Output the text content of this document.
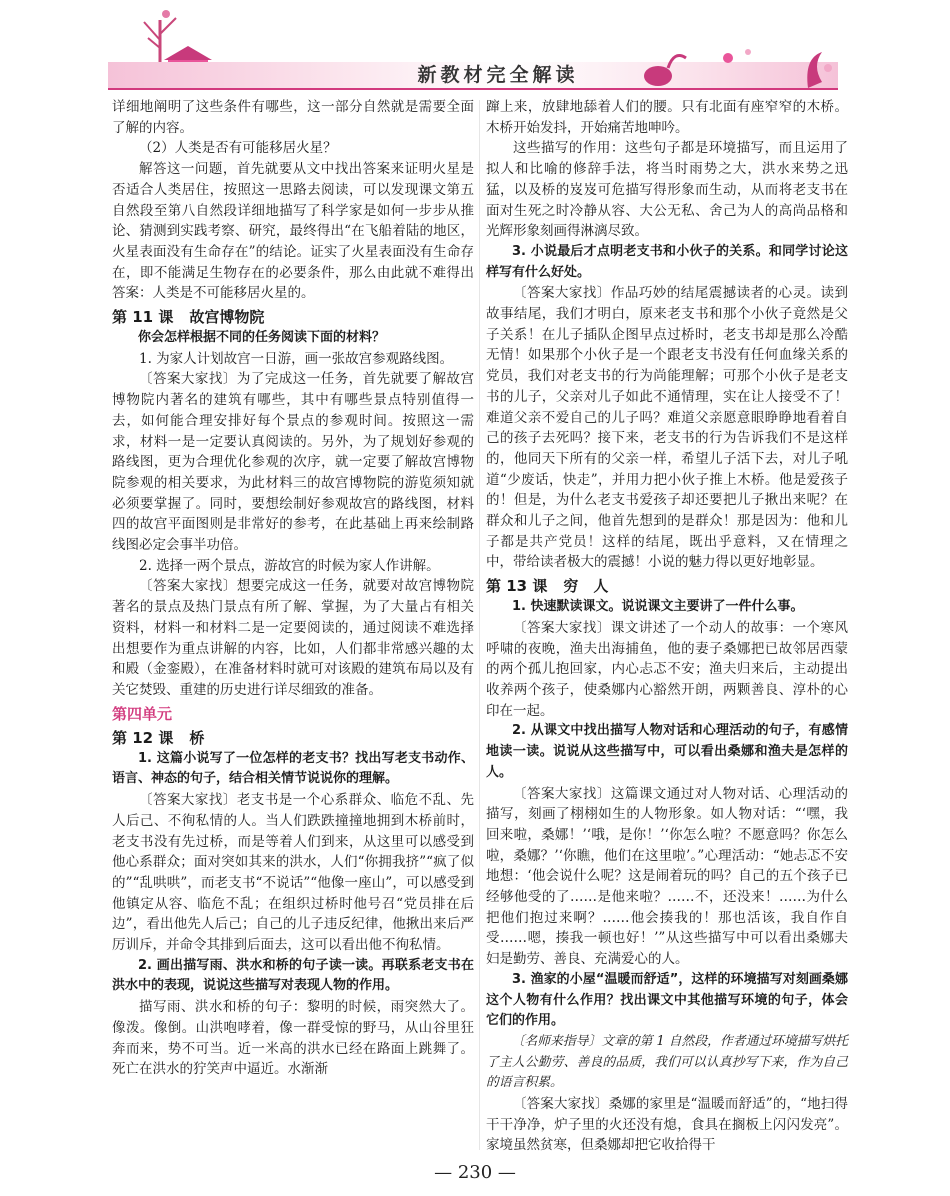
新教材完全解读

详细地阐明了这些条件有哪些，这一部分自然就是需要全面了解的内容。

（2）人类是否有可能移居火星？

解答这一问题，首先就要从文中找出答案来证明火星是否适合人类居住，按照这一思路去阅读，可以发现课文第五自然段至第八自然段详细地描写了科学家是如何一步步从推论、猜测到实践考察、研究，最终得出“在飞船着陆的地区，火星表面没有生命存在”的结论。证实了火星表面没有生命存在，即不能满足生物存在的必要条件，那么由此就不难得出答案：人类是不可能移居火星的。

第 11 课 故宫博物院

你会怎样根据不同的任务阅读下面的材料？

1. 为家人计划故宫一日游，画一张故宫参观路线图。

〔答案大家找〕为了完成这一任务，首先就要了解故宫博物院内著名的建筑有哪些，其中有哪些景点特别值得一去，如何能合理安排好每个景点的参观时间。按照这一需求，材料一是一定要认真阅读的。另外，为了规划好参观的路线图，更为合理优化参观的次序，就一定要了解故宫博物院参观的相关要求，为此材料三的故宫博物院的游览须知就必须要掌握了。同时，要想绘制好参观故宫的路线图，材料四的故宫平面图则是非常好的参考，在此基础上再来绘制路线图必定会事半功倍。

2. 选择一两个景点，游故宫的时候为家人作讲解。

〔答案大家找〕想要完成这一任务，就要对故宫博物院著名的景点及热门景点有所了解、掌握，为了大量占有相关资料，材料一和材料二是一定要阅读的，通过阅读不难选择出想要作为重点讲解的内容，比如，人们都非常感兴趣的太和殿（金銮殿），在准备材料时就可对该殿的建筑布局以及有关它焚毁、重建的历史进行详尽细致的准备。

第四单元
第 12 课 桥

1. 这篇小说写了一位怎样的老支书？找出写老支书动作、语言、神态的句子，结合相关情节说说你的理解。

〔答案大家找〕老支书是一个心系群众、临危不乱、先人后己、不徇私情的人。当人们跌跌撞撞地拥到木桥前时，老支书没有先过桥，而是等着人们到来，从这里可以感受到他心系群众；面对突如其来的洪水，人们“你拥我挤”“疯了似的”“乱哄哄”，而老支书“不说话”“他像一座山”，可以感受到他镇定从容、临危不乱；在组织过桥时他号召“党员排在后边”，看出他先人后己；自己的儿子违反纪律，他揪出来后严厉训斥，并命令其排到后面去，这可以看出他不徇私情。

2. 画出描写雨、洪水和桥的句子读一读。再联系老支书在洪水中的表现，说说这些描写对表现人物的作用。

描写雨、洪水和桥的句子：黎明的时候，雨突然大了。像泼。像倒。山洪咆哮着，像一群受惊的野马，从山谷里狂奔而来，势不可当。近一米高的洪水已经在路面上跳舞了。死亡在洪水的狞笑声中逼近。水渐渐

蹿上来，放肆地舔着人们的腰。只有北面有座窄窄的木桥。木桥开始发抖，开始痛苦地呻吟。

这些描写的作用：这些句子都是环境描写，而且运用了拟人和比喻的修辞手法，将当时雨势之大，洪水来势之迅猛，以及桥的岌岌可危描写得形象而生动，从而将老支书在面对生死之时冷静从容、大公无私、舍己为人的高尚品格和光辉形象刻画得淋漓尽致。

3. 小说最后才点明老支书和小伙子的关系。和同学讨论这样写有什么好处。

〔答案大家找〕作品巧妙的结尾震撼读者的心灵。读到故事结尾，我们才明白，原来老支书和那个小伙子竟然是父子关系！在儿子插队企图早点过桥时，老支书却是那么冷酷无情！如果那个小伙子是一个跟老支书没有任何血缘关系的党员，我们对老支书的行为尚能理解；可那个小伙子是老支书的儿子，父亲对儿子如此不通情理，实在让人接受不了！难道父亲不爱自己的儿子吗？难道父亲愿意眼睁睁地看着自己的孩子去死吗？接下来，老支书的行为告诉我们不是这样的，他同天下所有的父亲一样，希望儿子活下去，对儿子吼道“少废话，快走”，并用力把小伙子推上木桥。他是爱孩子的！但是，为什么老支书爱孩子却还要把儿子揪出来呢？在群众和儿子之间，他首先想到的是群众！那是因为：他和儿子都是共产党员！这样的结尾，既出乎意料，又在情理之中，带给读者极大的震撼！小说的魅力得以更好地彰显。

第 13 课 穷　人

1. 快速默读课文。说说课文主要讲了一件什么事。

〔答案大家找〕课文讲述了一个动人的故事：一个寒风呼啸的夜晚，渔夫出海捕鱼，他的妻子桑娜把已故邻居西蒙的两个孤儿抱回家，内心忐忑不安；渔夫归来后，主动提出收养两个孩子，使桑娜内心豁然开朗，两颗善良、淳朴的心印在一起。

2. 从课文中找出描写人物对话和心理活动的句子，有感情地读一读。说说从这些描写中，可以看出桑娜和渔夫是怎样的人。

〔答案大家找〕这篇课文通过对人物对话、心理活动的描写，刻画了栩栩如生的人物形象。如人物对话：“‘嘿，我回来啦，桑娜！’‘哦，是你！’‘你怎么啦？不愿意吗？你怎么啦，桑娜？’‘你瞧，他们在这里啦’。”心理活动：“她忐忑不安地想：‘他会说什么呢？这是闹着玩的吗？自己的五个孩子已经够他受的了……是他来啦？……不，还没来！……为什么把他们抱过来啊？……他会揍我的！那也活该，我自作自受……嗯，揍我一顿也好！’”从这些描写中可以看出桑娜夫妇是勤劳、善良、充满爱心的人。

3. 渔家的小屋“温暖而舒适”，这样的环境描写对刻画桑娜这个人物有什么作用？找出课文中其他描写环境的句子，体会它们的作用。

〔名师来指导〕文章的第 1 自然段，作者通过环境描写烘托了主人公勤劳、善良的品质，我们可以认真抄写下来，作为自己的语言积累。

〔答案大家找〕桑娜的家里是“温暖而舒适”的，“地扫得干干净净，炉子里的火还没有熄，食具在搁板上闪闪发亮”。家境虽然贫寒，但桑娜却把它收拾得干

— 230 —
